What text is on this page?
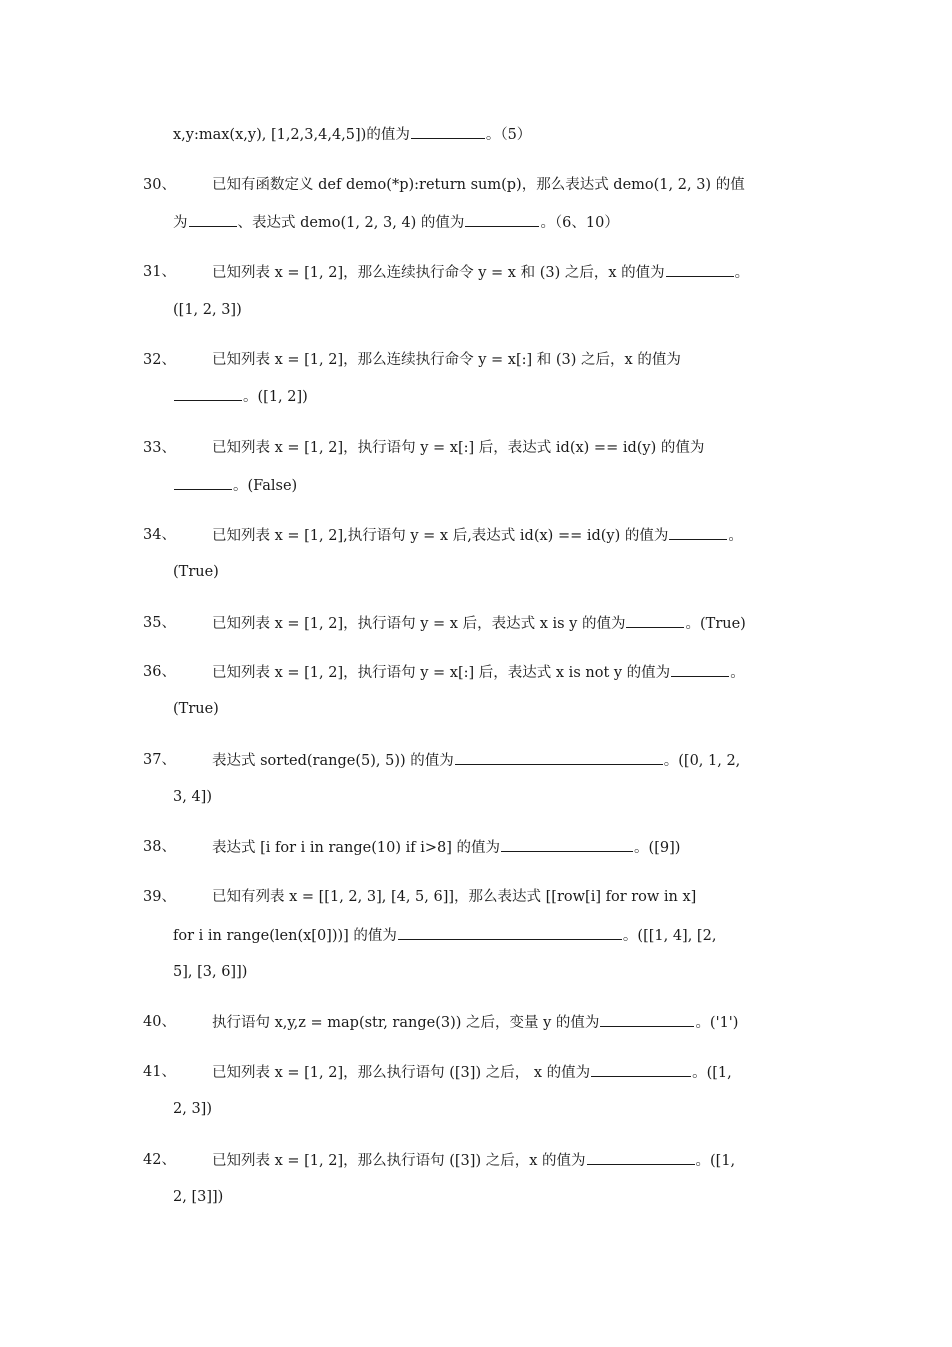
x,y:max(x,y), [1,2,3,4,4,5])的值为	。（5）
30、 已知有函数定义 def demo(*p):return sum(p)，那么表达式 demo(1, 2, 3) 的值
为	、表达式 demo(1, 2, 3, 4) 的值为	。（6、10）
31、 已知列表 x = [1, 2]，那么连续执行命令 y = x 和 (3) 之后，x 的值为	。
([1, 2, 3])
32、 已知列表 x = [1, 2]，那么连续执行命令 y = x[:] 和 (3) 之后，x 的值为
。([1, 2])
33、 已知列表 x = [1, 2]，执行语句 y = x[:] 后，表达式 id(x) == id(y) 的值为
。(False)
34、 已知列表 x = [1, 2],执行语句 y = x 后,表达式 id(x) == id(y) 的值为	。
(True)
35、 已知列表 x = [1, 2]，执行语句 y = x 后，表达式 x is y 的值为	。(True)
36、 已知列表 x = [1, 2]，执行语句 y = x[:] 后，表达式 x is not y 的值为	。
(True)
37、 表达式 sorted(range(5), 5)) 的值为	。([0, 1, 2,
3, 4])
38、 表达式 [i for i in range(10) if i>8] 的值为	。([9])
39、 已知有列表 x = [[1, 2, 3], [4, 5, 6]]，那么表达式 [[row[i] for row in x]
for i in range(len(x[0]))] 的值为	。([[1, 4], [2,
5], [3, 6]])
40、 执行语句 x,y,z = map(str, range(3)) 之后，变量 y 的值为	。('1')
41、 已知列表 x = [1, 2]，那么执行语句 ([3]) 之后， x 的值为	。([1,
2, 3])
42、 已知列表 x = [1, 2]，那么执行语句 ([3]) 之后，x 的值为	。([1,
2, [3]])
